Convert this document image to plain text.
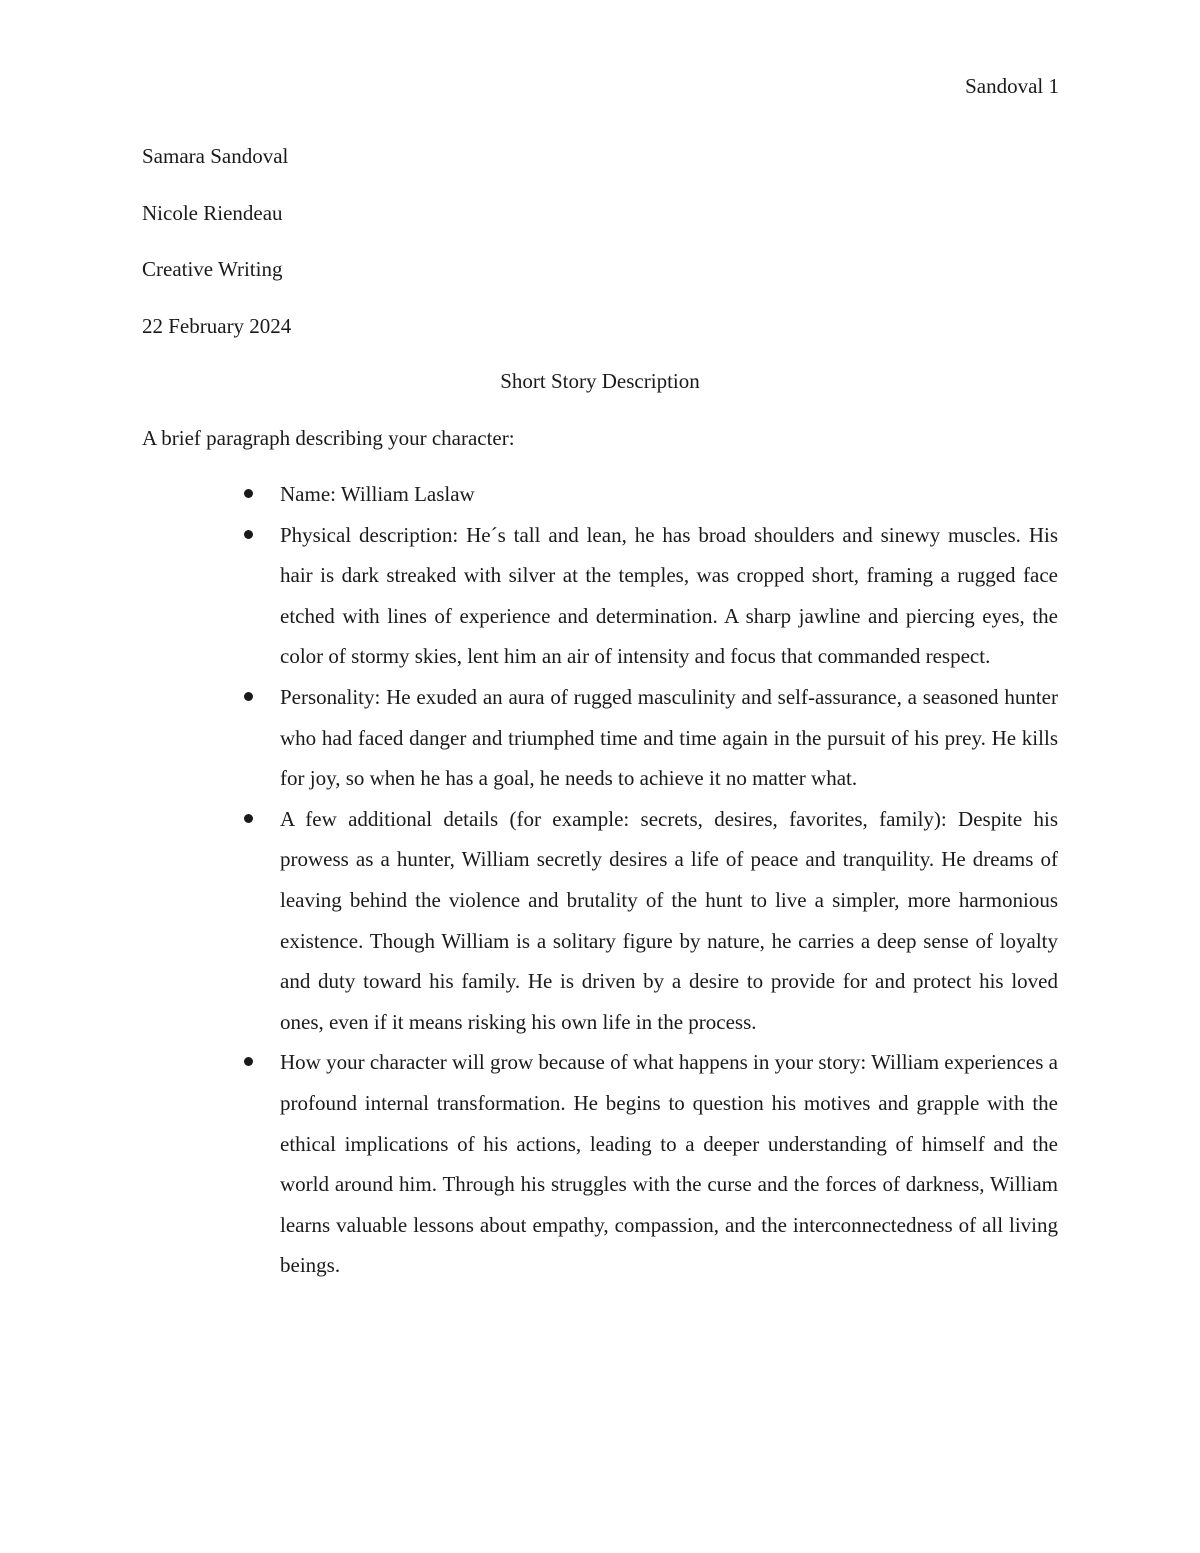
Sandoval 1
Samara Sandoval
Nicole Riendeau
Creative Writing
22 February 2024
Short Story Description
A brief paragraph describing your character:
Name: William Laslaw
Physical description: He´s tall and lean, he has broad shoulders and sinewy muscles. His hair is dark streaked with silver at the temples, was cropped short, framing a rugged face etched with lines of experience and determination. A sharp jawline and piercing eyes, the color of stormy skies, lent him an air of intensity and focus that commanded respect.
Personality: He exuded an aura of rugged masculinity and self-assurance, a seasoned hunter who had faced danger and triumphed time and time again in the pursuit of his prey. He kills for joy, so when he has a goal, he needs to achieve it no matter what.
A few additional details (for example: secrets, desires, favorites, family): Despite his prowess as a hunter, William secretly desires a life of peace and tranquility. He dreams of leaving behind the violence and brutality of the hunt to live a simpler, more harmonious existence. Though William is a solitary figure by nature, he carries a deep sense of loyalty and duty toward his family. He is driven by a desire to provide for and protect his loved ones, even if it means risking his own life in the process.
How your character will grow because of what happens in your story: William experiences a profound internal transformation. He begins to question his motives and grapple with the ethical implications of his actions, leading to a deeper understanding of himself and the world around him. Through his struggles with the curse and the forces of darkness, William learns valuable lessons about empathy, compassion, and the interconnectedness of all living beings.
